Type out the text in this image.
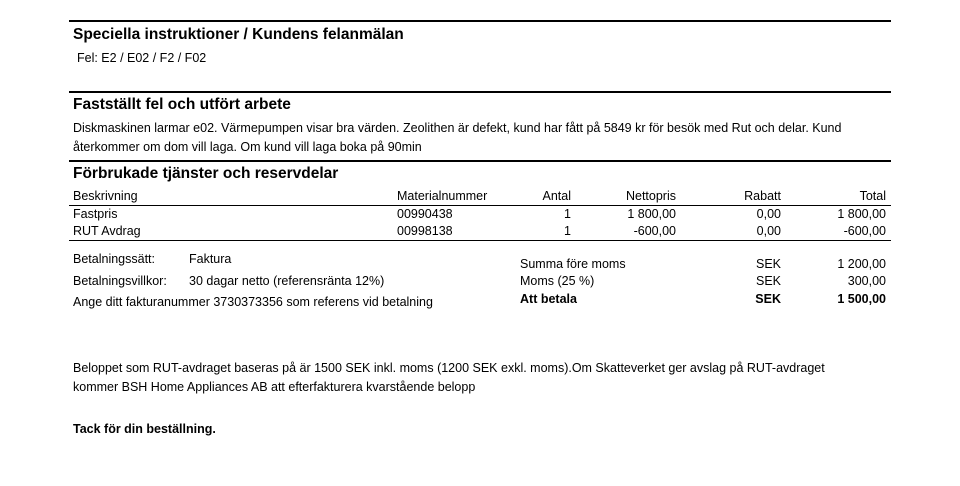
Speciella instruktioner / Kundens felanmälan
Fel: E2 / E02 / F2 / F02
Fastställt fel och utfört arbete
Diskmaskinen larmar e02. Värmepumpen visar bra värden. Zeolithen är defekt, kund har fått på 5849 kr för besök med Rut och delar. Kund återkommer om dom vill laga. Om kund vill laga boka på 90min
Förbrukade tjänster och reservdelar
Beskrivning	Materialnummer	Antal	Nettopris	Rabatt	Total
Fastpris	00990438	1	1 800,00	0,00	1 800,00
RUT Avdrag	00998138	1	-600,00	0,00	-600,00
Betalningssätt:	Faktura
Betalningsvillkor: 30 dagar netto (referensränta 12%)
Ange ditt fakturanummer 3730373356 som referens vid betalning
Summa före moms	SEK	1 200,00
Moms (25 %)	SEK	300,00
Att betala	SEK	1 500,00
Beloppet som RUT-avdraget baseras på är 1500 SEK inkl. moms (1200 SEK exkl. moms).Om Skatteverket ger avslag på RUT-avdraget kommer BSH Home Appliances AB att efterfakturera kvarstående belopp
Tack för din beställning.
